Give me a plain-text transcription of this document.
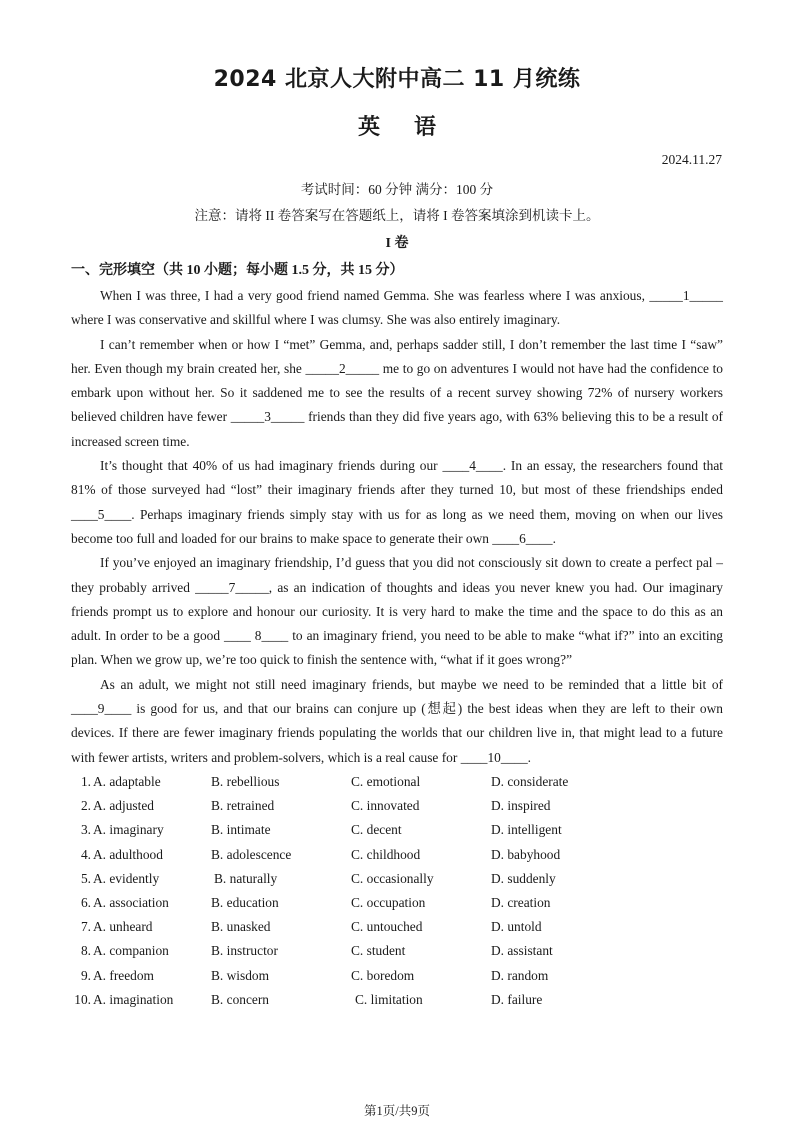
2024 北京人大附中高二 11 月统练
英语
2024.11.27
考试时间：60 分钟 满分：100 分
注意：请将 II 卷答案写在答题纸上，请将 I 卷答案填涂到机读卡上。
I 卷
一、完形填空（共 10 小题；每小题 1.5 分，共 15 分）

When I was three, I had a very good friend named Gemma. She was fearless where I was anxious, _____1_____ where I was conservative and skillful where I was clumsy. She was also entirely imaginary.

I can’t remember when or how I “met” Gemma, and, perhaps sadder still, I don’t remember the last time I “saw” her. Even though my brain created her, she _____2_____ me to go on adventures I would not have had the confidence to embark upon without her. So it saddened me to see the results of a recent survey showing 72% of nursery workers believed children have fewer _____3_____ friends than they did five years ago, with 63% believing this to be a result of increased screen time.

It’s thought that 40% of us had imaginary friends during our ____4____. In an essay, the researchers found that 81% of those surveyed had “lost” their imaginary friends after they turned 10, but most of these friendships ended ____5____. Perhaps imaginary friends simply stay with us for as long as we need them, moving on when our lives become too full and loaded for our brains to make space to generate their own ____6____.

If you’ve enjoyed an imaginary friendship, I’d guess that you did not consciously sit down to create a perfect pal – they probably arrived _____7_____, as an indication of thoughts and ideas you never knew you had. Our imaginary friends prompt us to explore and honour our curiosity. It is very hard to make the time and the space to do this as an adult. In order to be a good ____ 8____ to an imaginary friend, you need to be able to make “what if?” into an exciting plan. When we grow up, we’re too quick to finish the sentence with, “what if it goes wrong?”

As an adult, we might not still need imaginary friends, but maybe we need to be reminded that a little bit of ____9____ is good for us, and that our brains can conjure up (想起) the best ideas when they are left to their own devices. If there are fewer imaginary friends populating the worlds that our children live in, that might lead to a future with fewer artists, writers and problem-solvers, which is a real cause for ____10____.

1. A. adaptable	B. rebellious	C. emotional	D. considerate
2. A. adjusted	B. retrained	C. innovated	D. inspired
3. A. imaginary	B. intimate	C. decent	D. intelligent
4. A. adulthood	B. adolescence	C. childhood	D. babyhood
5. A. evidently	B. naturally	C. occasionally	D. suddenly
6. A. association	B. education	C. occupation	D. creation
7. A. unheard	B. unasked	C. untouched	D. untold
8. A. companion	B. instructor	C. student	D. assistant
9. A. freedom	B. wisdom	C. boredom	D. random
10. A. imagination	B. concern	C. limitation	D. failure
第1页/共9页
